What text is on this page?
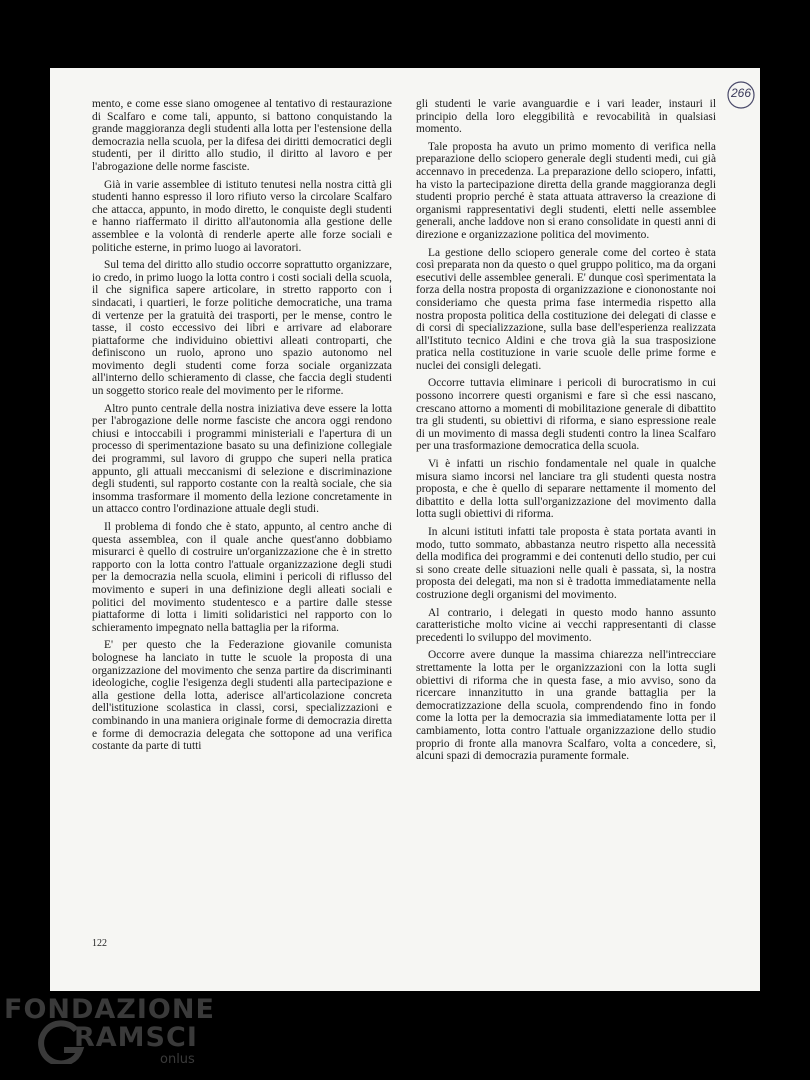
266

mento, e come esse siano omogenee al tentativo di restaurazione di Scalfaro e come tali, appunto, si battono conquistando la grande maggioranza degli studenti alla lotta per l'estensione della democrazia nella scuola, per la difesa dei diritti democratici degli studenti, per il diritto allo studio, il diritto al lavoro e per l'abrogazione delle norme fasciste.

Già in varie assemblee di istituto tenutesi nella nostra città gli studenti hanno espresso il loro rifiuto verso la circolare Scalfaro che attacca, appunto, in modo diretto, le conquiste degli studenti e hanno riaffermato il diritto all'autonomia alla gestione delle assemblee e la volontà di renderle aperte alle forze sociali e politiche esterne, in primo luogo ai lavoratori.

Sul tema del diritto allo studio occorre soprattutto organizzare, io credo, in primo luogo la lotta contro i costi sociali della scuola, il che significa sapere articolare, in stretto rapporto con i sindacati, i quartieri, le forze politiche democratiche, una trama di vertenze per la gratuità dei trasporti, per le mense, contro le tasse, il costo eccessivo dei libri e arrivare ad elaborare piattaforme che individuino obiettivi alleati controparti, che definiscono un ruolo, aprono uno spazio autonomo nel movimento degli studenti come forza sociale organizzata all'interno dello schieramento di classe, che faccia degli studenti un soggetto storico reale del movimento per le riforme.

Altro punto centrale della nostra iniziativa deve essere la lotta per l'abrogazione delle norme fasciste che ancora oggi rendono chiusi e intoccabili i programmi ministeriali e l'apertura di un processo di sperimentazione basato su una definizione collegiale dei programmi, sul lavoro di gruppo che superi nella pratica appunto, gli attuali meccanismi di selezione e discriminazione degli studenti, sul rapporto costante con la realtà sociale, che sia insomma trasformare il momento della lezione concretamente in un attacco contro l'ordinazione attuale degli studi.

Il problema di fondo che è stato, appunto, al centro anche di questa assemblea, con il quale anche quest'anno dobbiamo misurarci è quello di costruire un'organizzazione che è in stretto rapporto con la lotta contro l'attuale organizzazione degli studi per la democrazia nella scuola, elimini i pericoli di riflusso del movimento e superi in una definizione degli alleati sociali e politici del movimento studentesco e a partire dalle stesse piattaforme di lotta i limiti solidaristici nel rapporto con lo schieramento impegnato nella battaglia per la riforma.

E' per questo che la Federazione giovanile comunista bolognese ha lanciato in tutte le scuole la proposta di una organizzazione del movimento che senza partire da discriminanti ideologiche, coglie l'esigenza degli studenti alla partecipazione e alla gestione della lotta, aderisce all'articolazione concreta dell'istituzione scolastica in classi, corsi, specializzazioni e combinando in una maniera originale forme di democrazia diretta e forme di democrazia delegata che sottopone ad una verifica costante da parte di tutti

gli studenti le varie avanguardie e i vari leader, instauri il principio della loro eleggibilità e revocabilità in qualsiasi momento.

Tale proposta ha avuto un primo momento di verifica nella preparazione dello sciopero generale degli studenti medi, cui già accennavo in precedenza. La preparazione dello sciopero, infatti, ha visto la partecipazione diretta della grande maggioranza degli studenti proprio perché è stata attuata attraverso la creazione di organismi rappresentativi degli studenti, eletti nelle assemblee generali, anche laddove non si erano consolidate in questi anni di direzione e organizzazione politica del movimento.

La gestione dello sciopero generale come del corteo è stata così preparata non da questo o quel gruppo politico, ma da organi esecutivi delle assemblee generali. E' dunque così sperimentata la forza della nostra proposta di organizzazione e ciononostante noi consideriamo che questa prima fase intermedia rispetto alla nostra proposta politica della costituzione dei delegati di classe e di corsi di specializzazione, sulla base dell'esperienza realizzata all'Istituto tecnico Aldini e che trova già la sua trasposizione pratica nella costituzione in varie scuole delle prime forme e nuclei dei consigli delegati.

Occorre tuttavia eliminare i pericoli di burocratismo in cui possono incorrere questi organismi e fare sì che essi nascano, crescano attorno a momenti di mobilitazione generale di dibattito tra gli studenti, su obiettivi di riforma, e siano espressione reale di un movimento di massa degli studenti contro la linea Scalfaro per una trasformazione democratica della scuola.

Vi è infatti un rischio fondamentale nel quale in qualche misura siamo incorsi nel lanciare tra gli studenti questa nostra proposta, e che è quello di separare nettamente il momento del dibattito e della lotta sull'organizzazione del movimento dalla lotta sugli obiettivi di riforma.

In alcuni istituti infatti tale proposta è stata portata avanti in modo, tutto sommato, abbastanza neutro rispetto alla necessità della modifica dei programmi e dei contenuti dello studio, per cui si sono create delle situazioni nelle quali è passata, sì, la nostra proposta dei delegati, ma non si è tradotta immediatamente nella costruzione degli organismi del movimento.

Al contrario, i delegati in questo modo hanno assunto caratteristiche molto vicine ai vecchi rappresentanti di classe precedenti lo sviluppo del movimento.

Occorre avere dunque la massima chiarezza nell'intrecciare strettamente la lotta per le organizzazioni con la lotta sugli obiettivi di riforma che in questa fase, a mio avviso, sono da ricercare innanzitutto in una grande battaglia per la democratizzazione della scuola, comprendendo fino in fondo come la lotta per la democrazia sia immediatamente lotta per il cambiamento, lotta contro l'attuale organizzazione dello studio proprio di fronte alla manovra Scalfaro, volta a concedere, sì, alcuni spazi di democrazia puramente formale.

122
FONDAZIONE
RAMSCI
onlus
